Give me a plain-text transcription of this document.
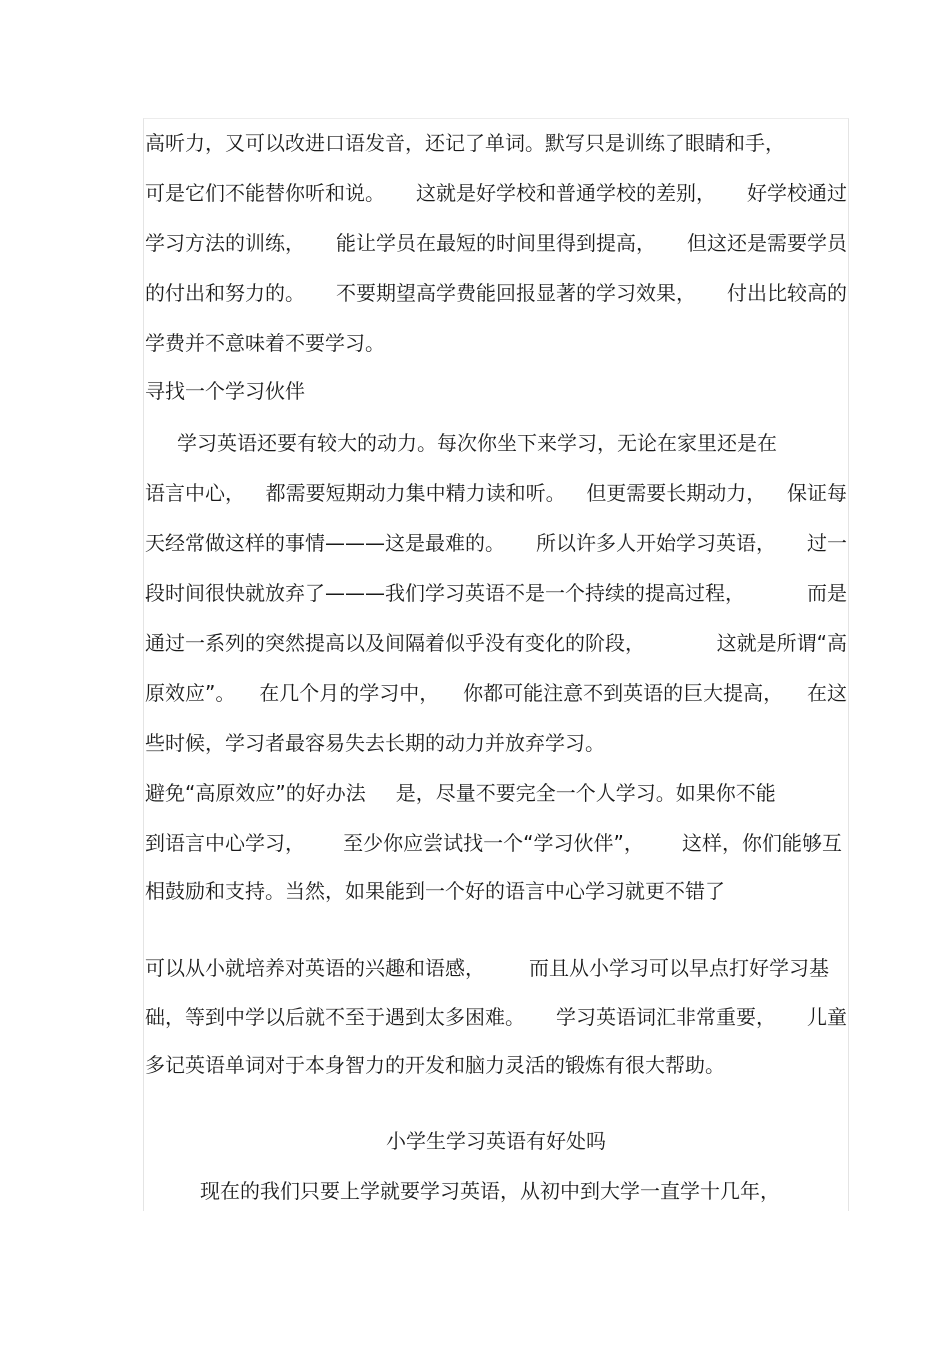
高听力，又可以改进口语发音，还记了单词。默写只是训练了眼睛和手，
可是它们不能替你听和说。 这就是好学校和普通学校的差别， 好学校通过
学习方法的训练， 能让学员在最短的时间里得到提高， 但这还是需要学员
的付出和努力的。 不要期望高学费能回报显著的学习效果， 付出比较高的
学费并不意味着不要学习。
寻找一个学习伙伴
学习英语还要有较大的动力。每次你坐下来学习，无论在家里还是在
语言中心， 都需要短期动力集中精力读和听。 但更需要长期动力， 保证每
天经常做这样的事情———这是最难的。 所以许多人开始学习英语， 过一
段时间很快就放弃了———我们学习英语不是一个持续的提高过程，	而是
通过一系列的突然提高以及间隔着似乎没有变化的阶段，	这就是所谓“高
原效应”。 在几个月的学习中， 你都可能注意不到英语的巨大提高， 在这
些时候，学习者最容易失去长期的动力并放弃学习。
避免“高原效应”的好办法 是，尽量不要完全一个人学习。如果你不能
到语言中心学习， 至少你应尝试找一个“学习伙伴”， 这样，你们能够互
相鼓励和支持。当然，如果能到一个好的语言中心学习就更不错了
可以从小就培养对英语的兴趣和语感， 而且从小学习可以早点打好学习基
础，等到中学以后就不至于遇到太多困难。 学习英语词汇非常重要， 儿童
多记英语单词对于本身智力的开发和脑力灵活的锻炼有很大帮助。
小学生学习英语有好处吗
现在的我们只要上学就要学习英语，从初中到大学一直学十几年，
